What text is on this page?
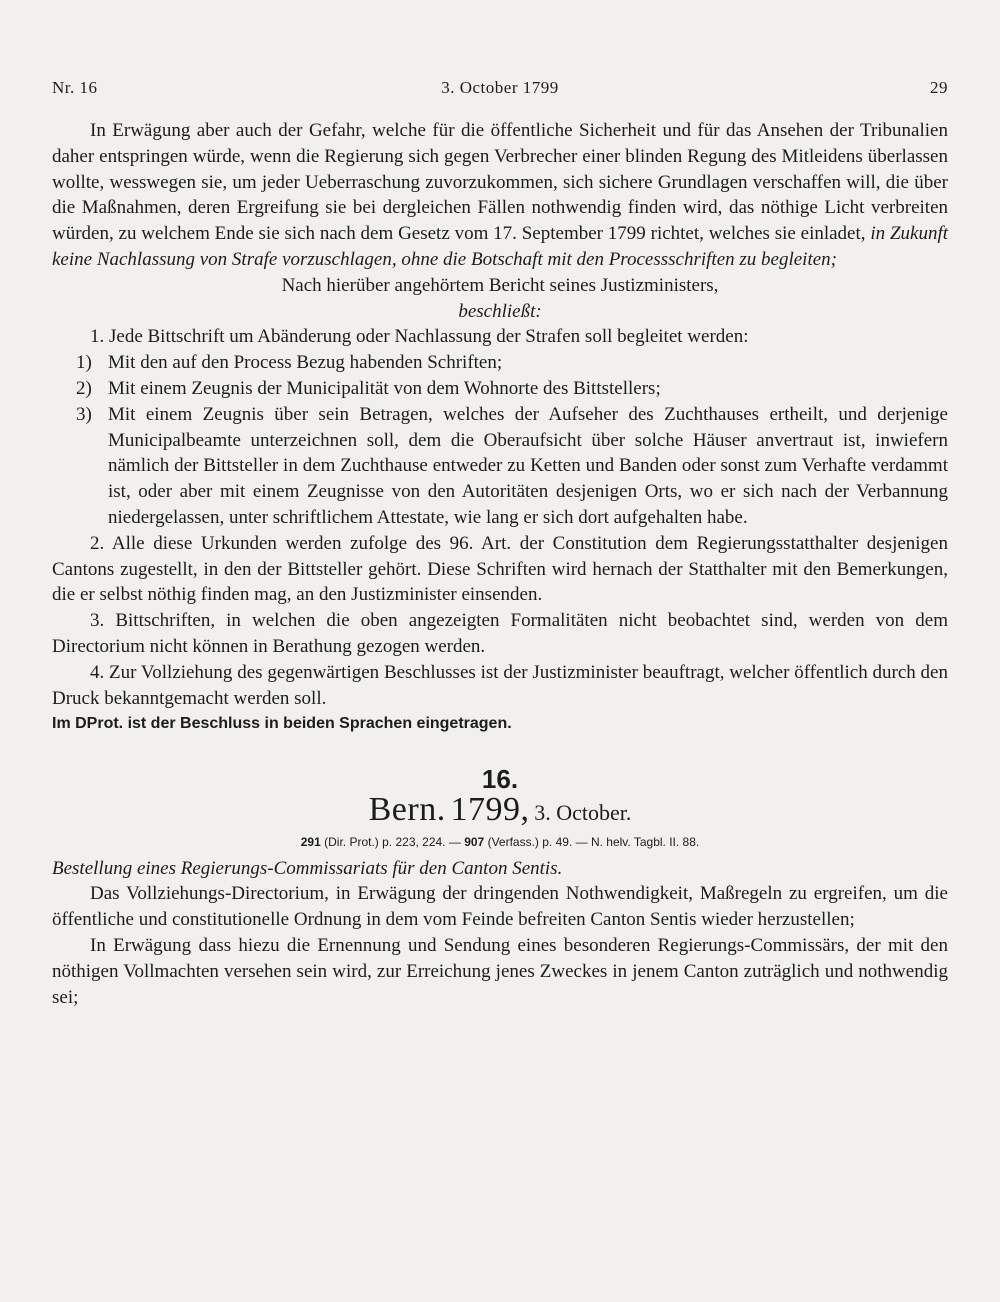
Nr. 16	3. October 1799	29

In Erwägung aber auch der Gefahr, welche für die öffentliche Sicherheit und für das Ansehen der Tribunalien daher entspringen würde, wenn die Regierung sich gegen Verbrecher einer blinden Regung des Mitleidens überlassen wollte, wesswegen sie, um jeder Ueberraschung zuvorzukommen, sich sichere Grundlagen verschaffen will, die über die Maßnahmen, deren Ergreifung sie bei dergleichen Fällen nothwendig finden wird, das nöthige Licht verbreiten würden, zu welchem Ende sie sich nach dem Gesetz vom 17. September 1799 richtet, welches sie einladet, in Zukunft keine Nachlassung von Strafe vorzuschlagen, ohne die Botschaft mit den Processschriften zu begleiten;

Nach hierüber angehörtem Bericht seines Justizministers,

beschließt:

1. Jede Bittschrift um Abänderung oder Nachlassung der Strafen soll begleitet werden:

1) Mit den auf den Process Bezug habenden Schriften;

2) Mit einem Zeugnis der Municipalität von dem Wohnorte des Bittstellers;

3) Mit einem Zeugnis über sein Betragen, welches der Aufseher des Zuchthauses ertheilt, und derjenige Municipalbeamte unterzeichnen soll, dem die Oberaufsicht über solche Häuser anvertraut ist, inwiefern nämlich der Bittsteller in dem Zuchthause entweder zu Ketten und Banden oder sonst zum Verhafte verdammt ist, oder aber mit einem Zeugnisse von den Autoritäten desjenigen Orts, wo er sich nach der Verbannung niedergelassen, unter schriftlichem Attestate, wie lang er sich dort aufgehalten habe.

2. Alle diese Urkunden werden zufolge des 96. Art. der Constitution dem Regierungsstatthalter desjenigen Cantons zugestellt, in den der Bittsteller gehört. Diese Schriften wird hernach der Statthalter mit den Bemerkungen, die er selbst nöthig finden mag, an den Justizminister einsenden.

3. Bittschriften, in welchen die oben angezeigten Formalitäten nicht beobachtet sind, werden von dem Directorium nicht können in Berathung gezogen werden.

4. Zur Vollziehung des gegenwärtigen Beschlusses ist der Justizminister beauftragt, welcher öffentlich durch den Druck bekanntgemacht werden soll.

Im DProt. ist der Beschluss in beiden Sprachen eingetragen.

16.
Bern. 1799, 3. October.
291 (Dir. Prot.) p. 223, 224. — 907 (Verfass.) p. 49. — N. helv. Tagbl. II. 88.

Bestellung eines Regierungs-Commissariats für den Canton Sentis.

Das Vollziehungs-Directorium, in Erwägung der dringenden Nothwendigkeit, Maßregeln zu ergreifen, um die öffentliche und constitutionelle Ordnung in dem vom Feinde befreiten Canton Sentis wieder herzustellen;

In Erwägung dass hiezu die Ernennung und Sendung eines besonderen Regierungs-Commissärs, der mit den nöthigen Vollmachten versehen sein wird, zur Erreichung jenes Zweckes in jenem Canton zuträglich und nothwendig sei;
